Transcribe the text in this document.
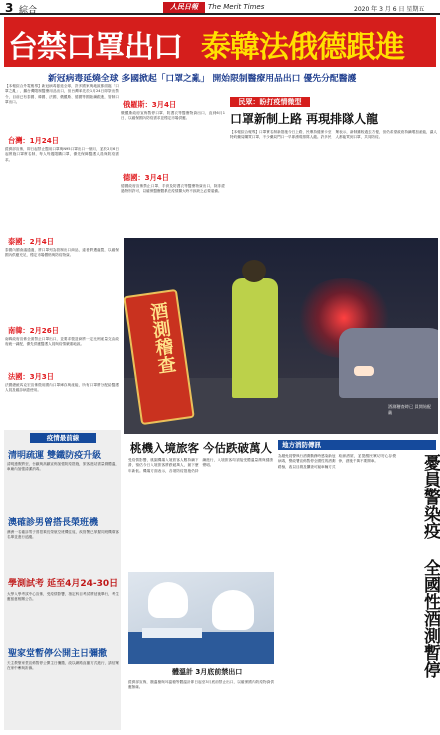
3 綜合	人民日報	The Merit Times	2020 年 3 月 6 日 星期五
台禁口罩出口 泰韓法俄德跟進
新冠病毒延燒全球 多國掀起「口罩之亂」 開始限制醫療用品出口 優先分配醫護
【本報綜合外電報導】新冠病毒蔓延全球，許多國家與地區都面臨「口罩之亂」，繼台灣限制醫療用品出口，但台灣率先於1月24日即祭出禁令，目前已有泰國、韓國、法國、俄羅斯、德國等國陸續跟進，管制口罩出口。
台灣：1月24日
經濟部宣佈，即日起禁止醫用口罩與N95口罩出口一個月，並於2月6日起實施口罩實名制，每人每週限購口罩，優先保障醫護人員與防疫需求。
泰國：2月4日
泰國內閣會議通過，將口罩列為管制出口商品，違者將遭處罰，以確保國內供應充足，穩定市場價格與防疫物資。
南韓：2月26日
南韓政府宣佈全面禁止口罩出口，並要求製造商將一定比例產量交由政府統一調配，優先供應醫護人員與疫情嚴重地區。
法國：3月3日
法國總統馬克宏宣佈徵用國內口罩庫存與產能，所有口罩將分配給醫護人員及確診病患使用。
俄羅斯：3月4日
俄羅斯政府宣佈暫停口罩、防護衣等醫療物資出口，直到6月1日，以確保國內防疫需求並穩定市場供應。
德國：3月4日
德國政府宣佈禁止口罩、手套及防護衣等醫療物資出口，除非經過特別許可，以確保醫療體系在疫情擴大時不致缺乏必要裝備。
民眾：盼打疫情微型
口罩新制上路 再現排隊人龍
【本報綜合報導】口罩實名制新措施今日上路，民眾持健保卡至特約藥局購買口罩，不少藥局門口一早即湧現排隊人龍。許多民眾表示，新制雖較過去方便，但仍希望政府持續增加產能，讓人人都能買到口罩，共同防疫。
酒測稽查
酒測稽查時已 員開始配戴
疫情最前線
清明疏運 雙鐵防疫升級
清明連假將至，台鐵與高鐵宣佈加強防疫措施，旅客進站需量測體溫，車廂內加強清潔消毒。
澳確診男曾搭長榮班機
澳洲一名確診男子曾搭乘長榮航空班機往返，疾管署已掌握同班機乘客名單並進行追蹤。
學測試考 延至4月24-30日
大學入學考試中心宣佈，受疫情影響，指定科目考試將延後舉行，考生應留意相關公告。
聖家堂暫停公開主日彌撒
天主教聖家堂宣佈暫停公開主日彌撒，改以網路直播方式進行，請信眾在家中參與祈禱。
桃機入境旅客 今估跌破萬人
受疫情影響，桃園機場入境旅客人數持續下滑，預估今日入境旅客將跌破萬人，創下歷年新低。機場方面表示，各項防疫措施仍持續進行，入境旅客均須接受體溫量測與健康聲明。
體溫計 3月底前禁出口
經濟部宣佈，額溫槍與耳溫槍等體溫計即日起至3月底前禁止出口，以確保國內防疫物資供應無虞。
地方消防傳訊
為避免員警執行酒測勤務時感染新冠病毒，警政署宣佈暫停全國性的酒測路檢，改以目測及攔查可疑車輛方式取締酒駕，並提醒民眾切勿心存僥倖，酒後千萬不要開車。	憂員警染疫 全國性酒測暫停
